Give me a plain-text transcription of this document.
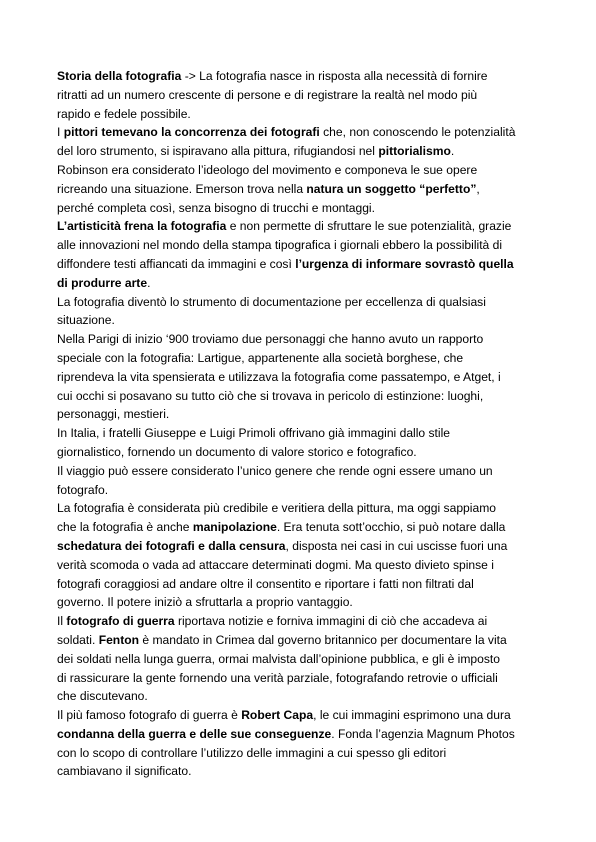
Storia della fotografia -> La fotografia nasce in risposta alla necessità di fornire
ritratti ad un numero crescente di persone e di registrare la realtà nel modo più
rapido e fedele possibile.
I pittori temevano la concorrenza dei fotografi che, non conoscendo le potenzialità
del loro strumento, si ispiravano alla pittura, rifugiandosi nel pittorialismo.
Robinson era considerato l’ideologo del movimento e componeva le sue opere
ricreando una situazione. Emerson trova nella natura un soggetto “perfetto”,
perché completa così, senza bisogno di trucchi e montaggi.
L’artisticità frena la fotografia e non permette di sfruttare le sue potenzialità, grazie
alle innovazioni nel mondo della stampa tipografica i giornali ebbero la possibilità di
diffondere testi affiancati da immagini e così l’urgenza di informare sovrastò quella
di produrre arte.
La fotografia diventò lo strumento di documentazione per eccellenza di qualsiasi
situazione.
Nella Parigi di inizio ‘900 troviamo due personaggi che hanno avuto un rapporto
speciale con la fotografia: Lartigue, appartenente alla società borghese, che
riprendeva la vita spensierata e utilizzava la fotografia come passatempo, e Atget, i
cui occhi si posavano su tutto ciò che si trovava in pericolo di estinzione: luoghi,
personaggi, mestieri.
In Italia, i fratelli Giuseppe e Luigi Primoli offrivano già immagini dallo stile
giornalistico, fornendo un documento di valore storico e fotografico.
Il viaggio può essere considerato l’unico genere che rende ogni essere umano un
fotografo.
La fotografia è considerata più credibile e veritiera della pittura, ma oggi sappiamo
che la fotografia è anche manipolazione. Era tenuta sott’occhio, si può notare dalla
schedatura dei fotografi e dalla censura, disposta nei casi in cui uscisse fuori una
verità scomoda o vada ad attaccare determinati dogmi. Ma questo divieto spinse i
fotografi coraggiosi ad andare oltre il consentito e riportare i fatti non filtrati dal
governo. Il potere iniziò a sfruttarla a proprio vantaggio.
Il fotografo di guerra riportava notizie e forniva immagini di ciò che accadeva ai
soldati. Fenton è mandato in Crimea dal governo britannico per documentare la vita
dei soldati nella lunga guerra, ormai malvista dall’opinione pubblica, e gli è imposto
di rassicurare la gente fornendo una verità parziale, fotografando retrovie o ufficiali
che discutevano.
Il più famoso fotografo di guerra è Robert Capa, le cui immagini esprimono una dura
condanna della guerra e delle sue conseguenze. Fonda l’agenzia Magnum Photos
con lo scopo di controllare l’utilizzo delle immagini a cui spesso gli editori
cambiavano il significato.
